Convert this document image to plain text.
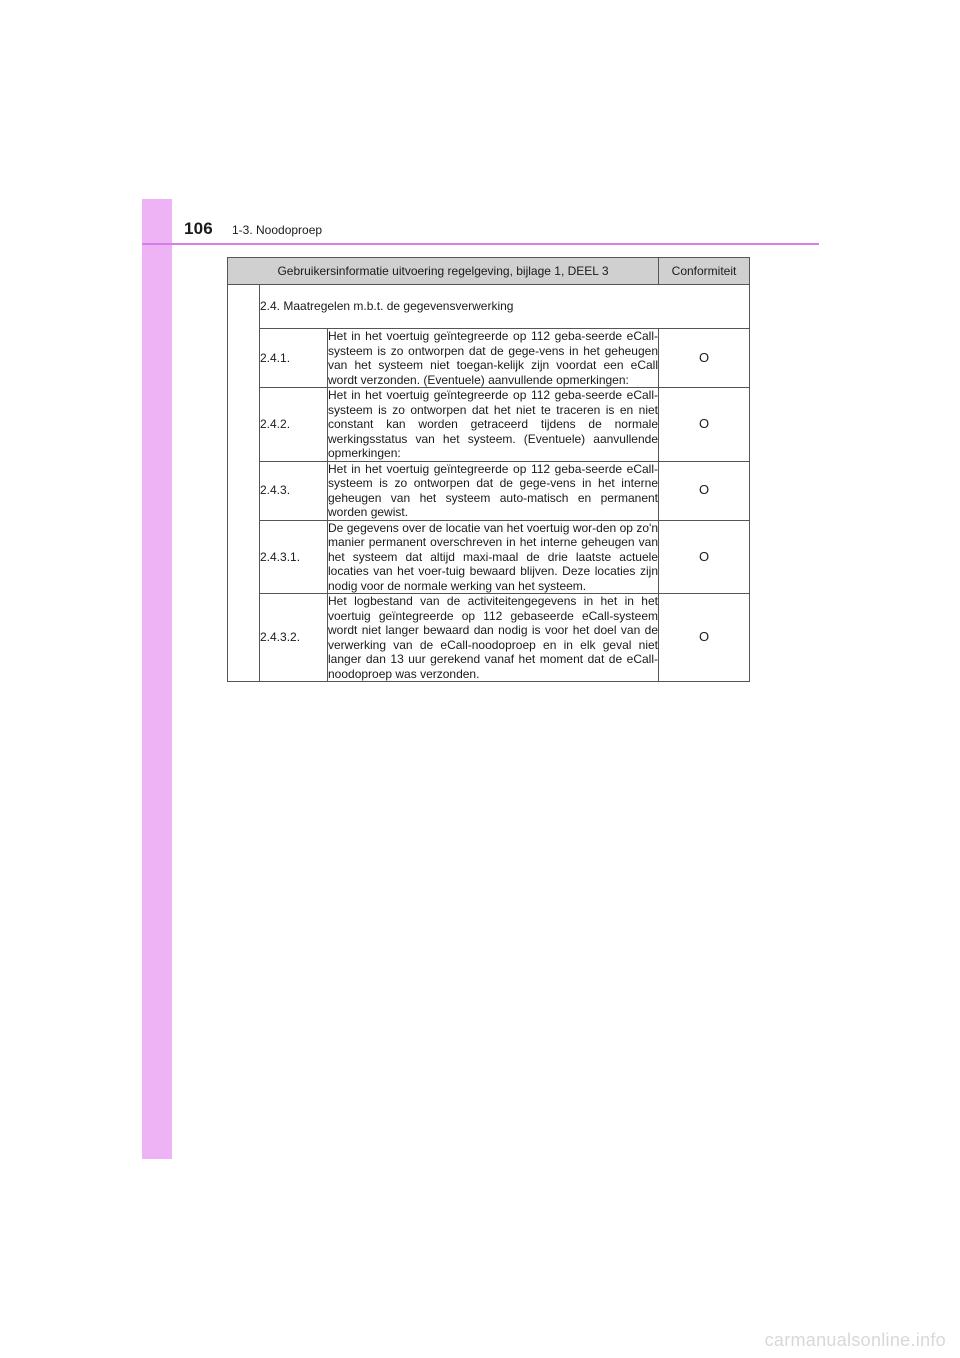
106 1-3. Noodoproep
Gebruikersinformatie uitvoering regelgeving, bijlage 1, DEEL 3			Conformiteit
	2.4. Maatregelen m.b.t. de gegevensverwerking		
	2.4.1.	Het in het voertuig geïntegreerde op 112 geba-seerde eCall-systeem is zo ontworpen dat de gege-vens in het geheugen van het systeem niet toegan-kelijk zijn voordat een eCall wordt verzonden. (Eventuele) aanvullende opmerkingen:	O
	2.4.2.	Het in het voertuig geïntegreerde op 112 geba-seerde eCall-systeem is zo ontworpen dat het niet te traceren is en niet constant kan worden getraceerd tijdens de normale werkingsstatus van het systeem. (Eventuele) aanvullende opmerkingen:	O
	2.4.3.	Het in het voertuig geïntegreerde op 112 geba-seerde eCall-systeem is zo ontworpen dat de gege-vens in het interne geheugen van het systeem auto-matisch en permanent worden gewist.	O
	2.4.3.1.	De gegevens over de locatie van het voertuig wor-den op zo'n manier permanent overschreven in het interne geheugen van het systeem dat altijd maxi-maal de drie laatste actuele locaties van het voer-tuig bewaard blijven. Deze locaties zijn nodig voor de normale werking van het systeem.	O
	2.4.3.2.	Het logbestand van de activiteitengegevens in het in het voertuig geïntegreerde op 112 gebaseerde eCall-systeem wordt niet langer bewaard dan nodig is voor het doel van de verwerking van de eCall-noodoproep en in elk geval niet langer dan 13 uur gerekend vanaf het moment dat de eCall-noodoproep was verzonden.	O
carmanualsonline.info
